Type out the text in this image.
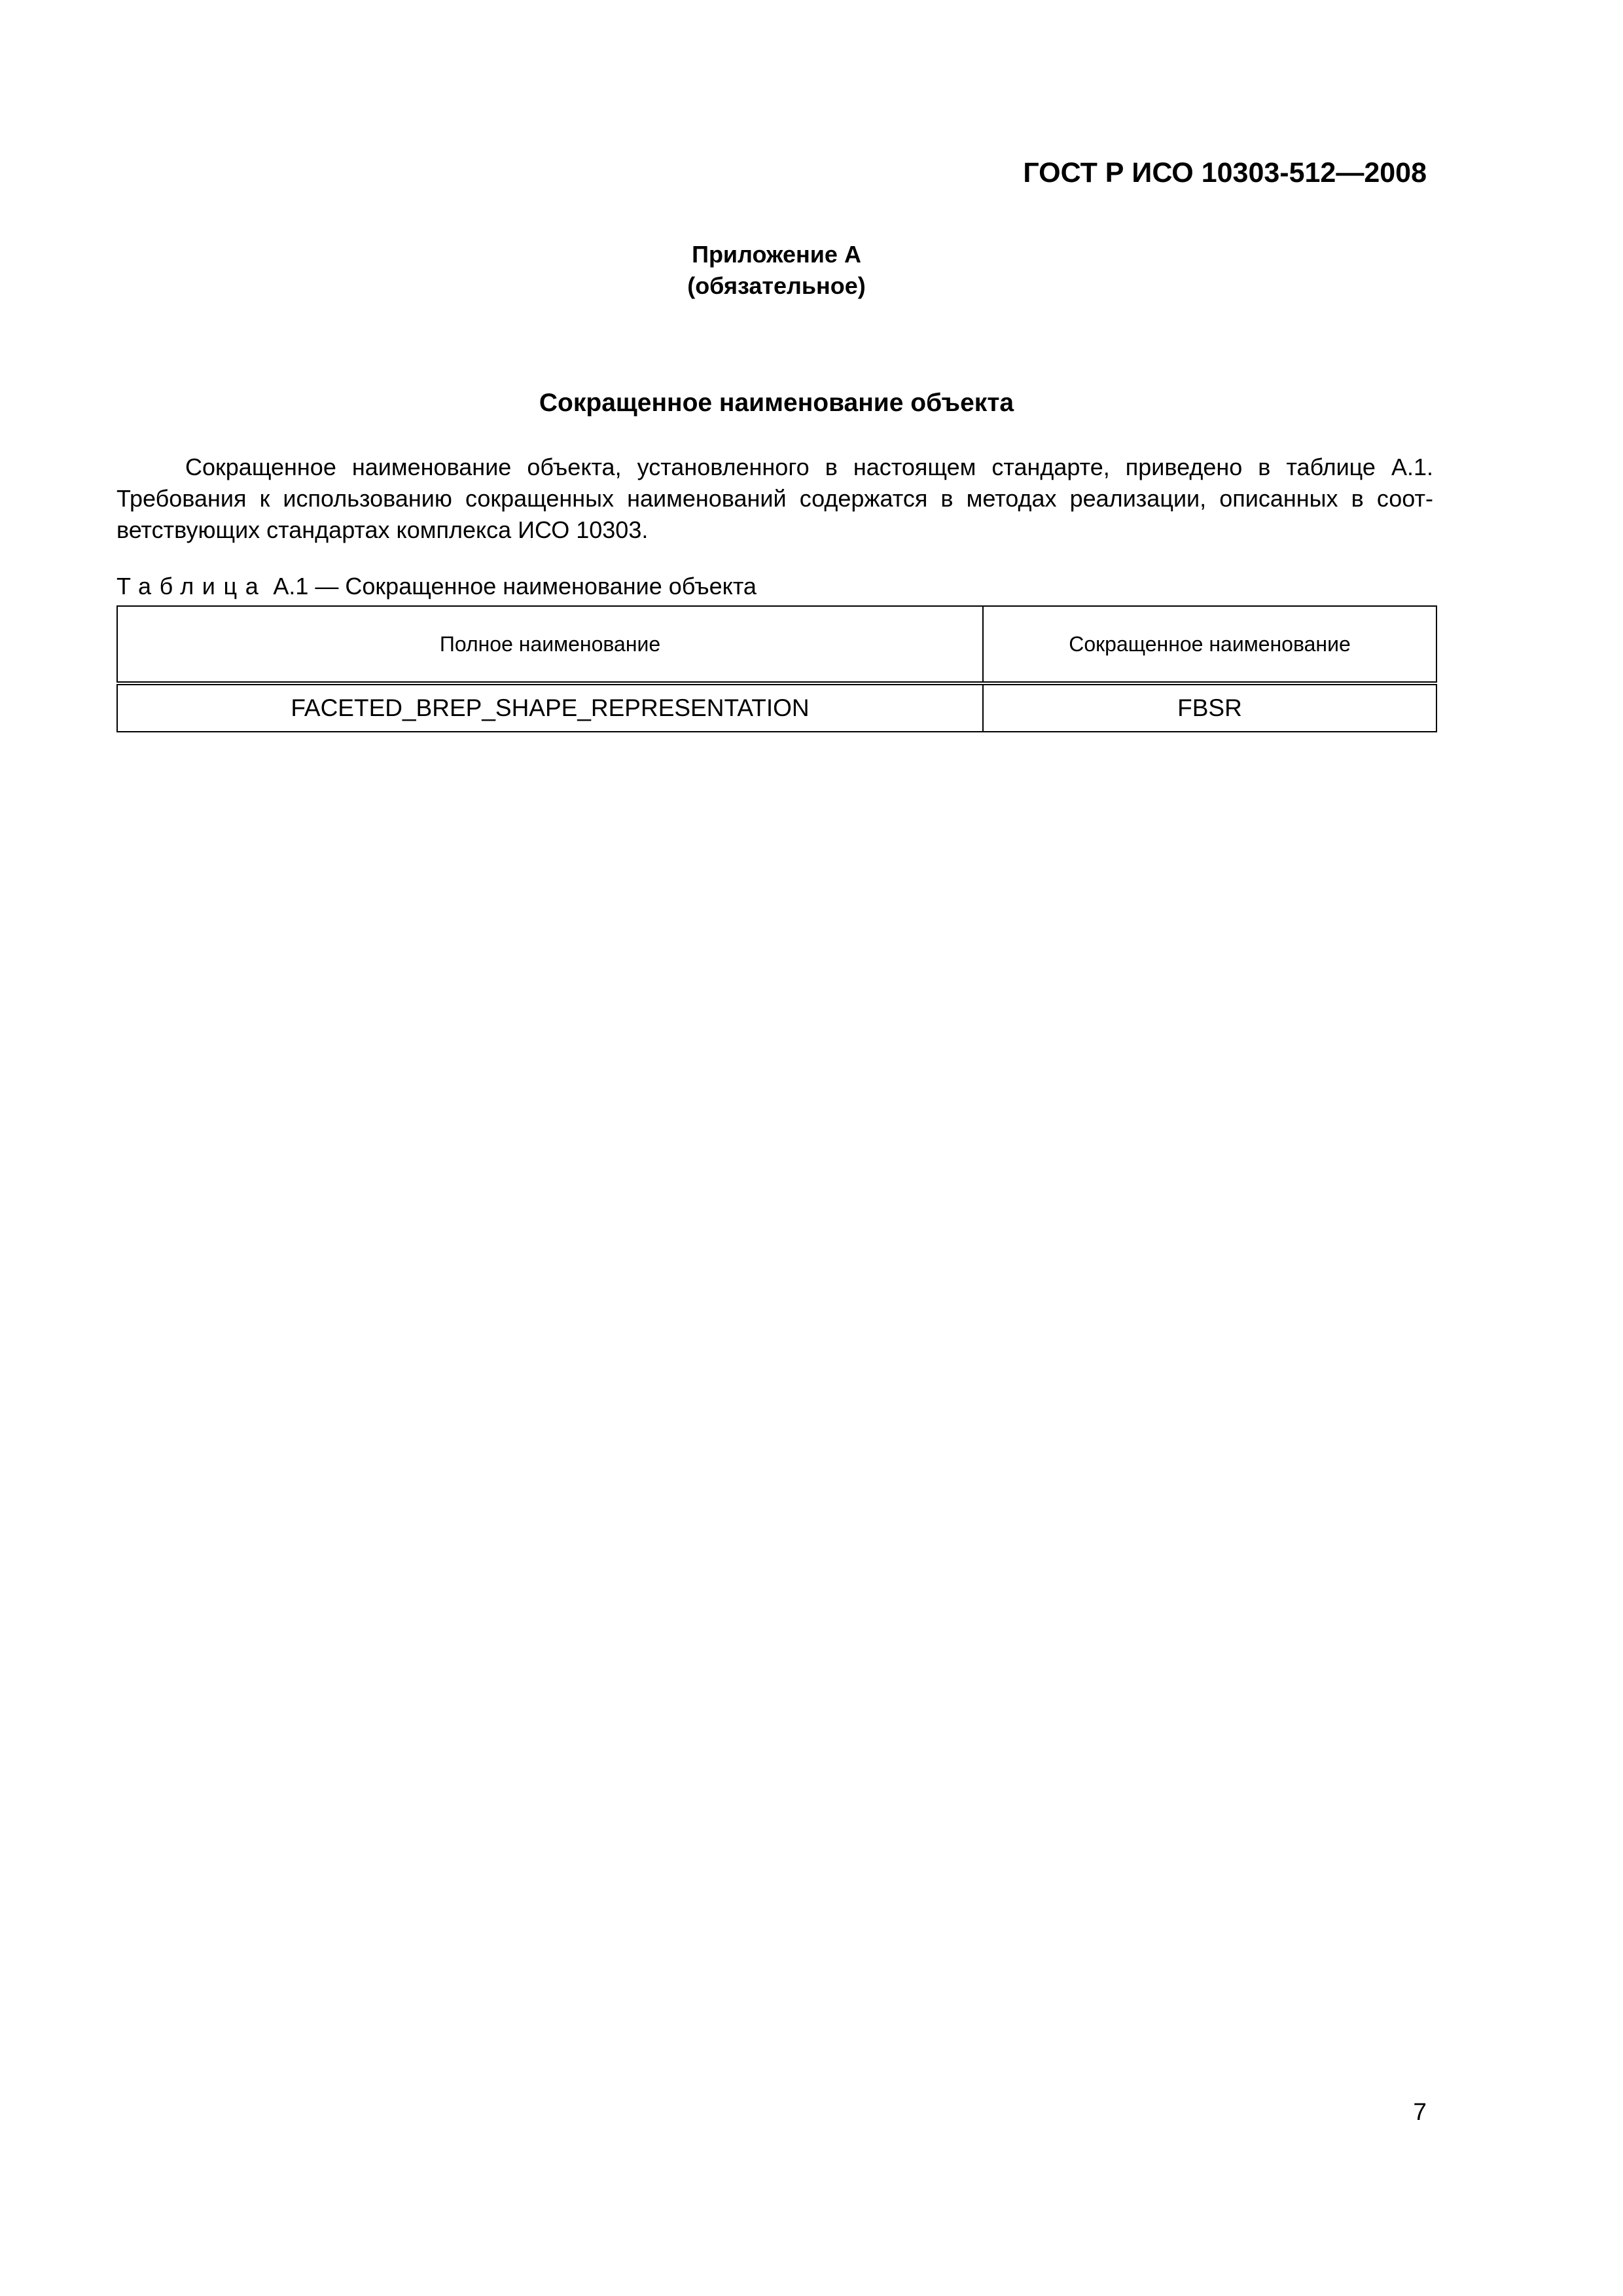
ГОСТ Р ИСО 10303-512—2008
Приложение А
(обязательное)
Сокращенное наименование объекта

Сокращенное наименование объекта, установленного в настоящем стандарте, приведено в таблице А.1. Требования к использованию сокращенных наименований содержатся в методах реализации, описанных в соответствующих стандартах комплекса ИСО 10303.

Таблица А.1 — Сокращенное наименование объекта
Полное наименование	Сокращенное наименование
FACETED_BREP_SHAPE_REPRESENTATION	FBSR
7
